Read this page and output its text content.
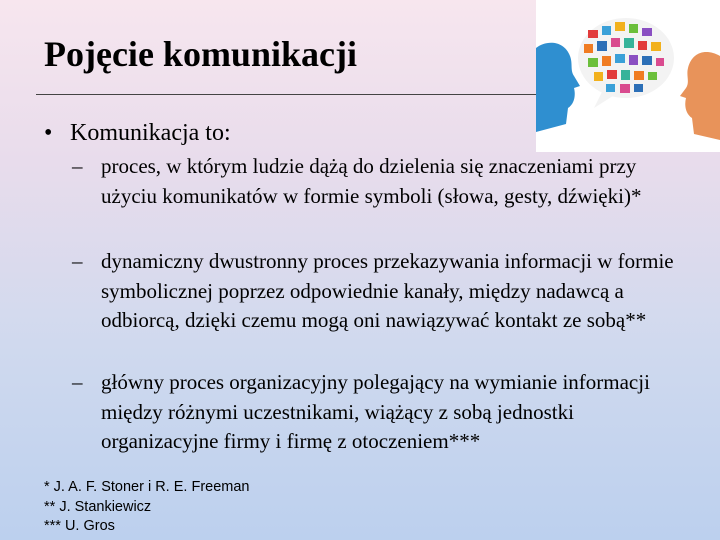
Pojęcie komunikacji
• Komunikacja to:
– proces, w którym ludzie dążą do dzielenia się znaczeniami przy użyciu komunikatów w formie symboli (słowa, gesty, dźwięki)*
– dynamiczny dwustronny proces przekazywania informacji w formie symbolicznej poprzez odpowiednie kanały, między nadawcą a odbiorcą, dzięki czemu mogą oni nawiązywać kontakt ze sobą**
– główny proces organizacyjny polegający na wymianie informacji między różnymi uczestnikami, wiążący z sobą jednostki organizacyjne firmy i firmę z otoczeniem***
* J. A. F. Stoner i R. E. Freeman
** J. Stankiewicz
*** U. Gros
